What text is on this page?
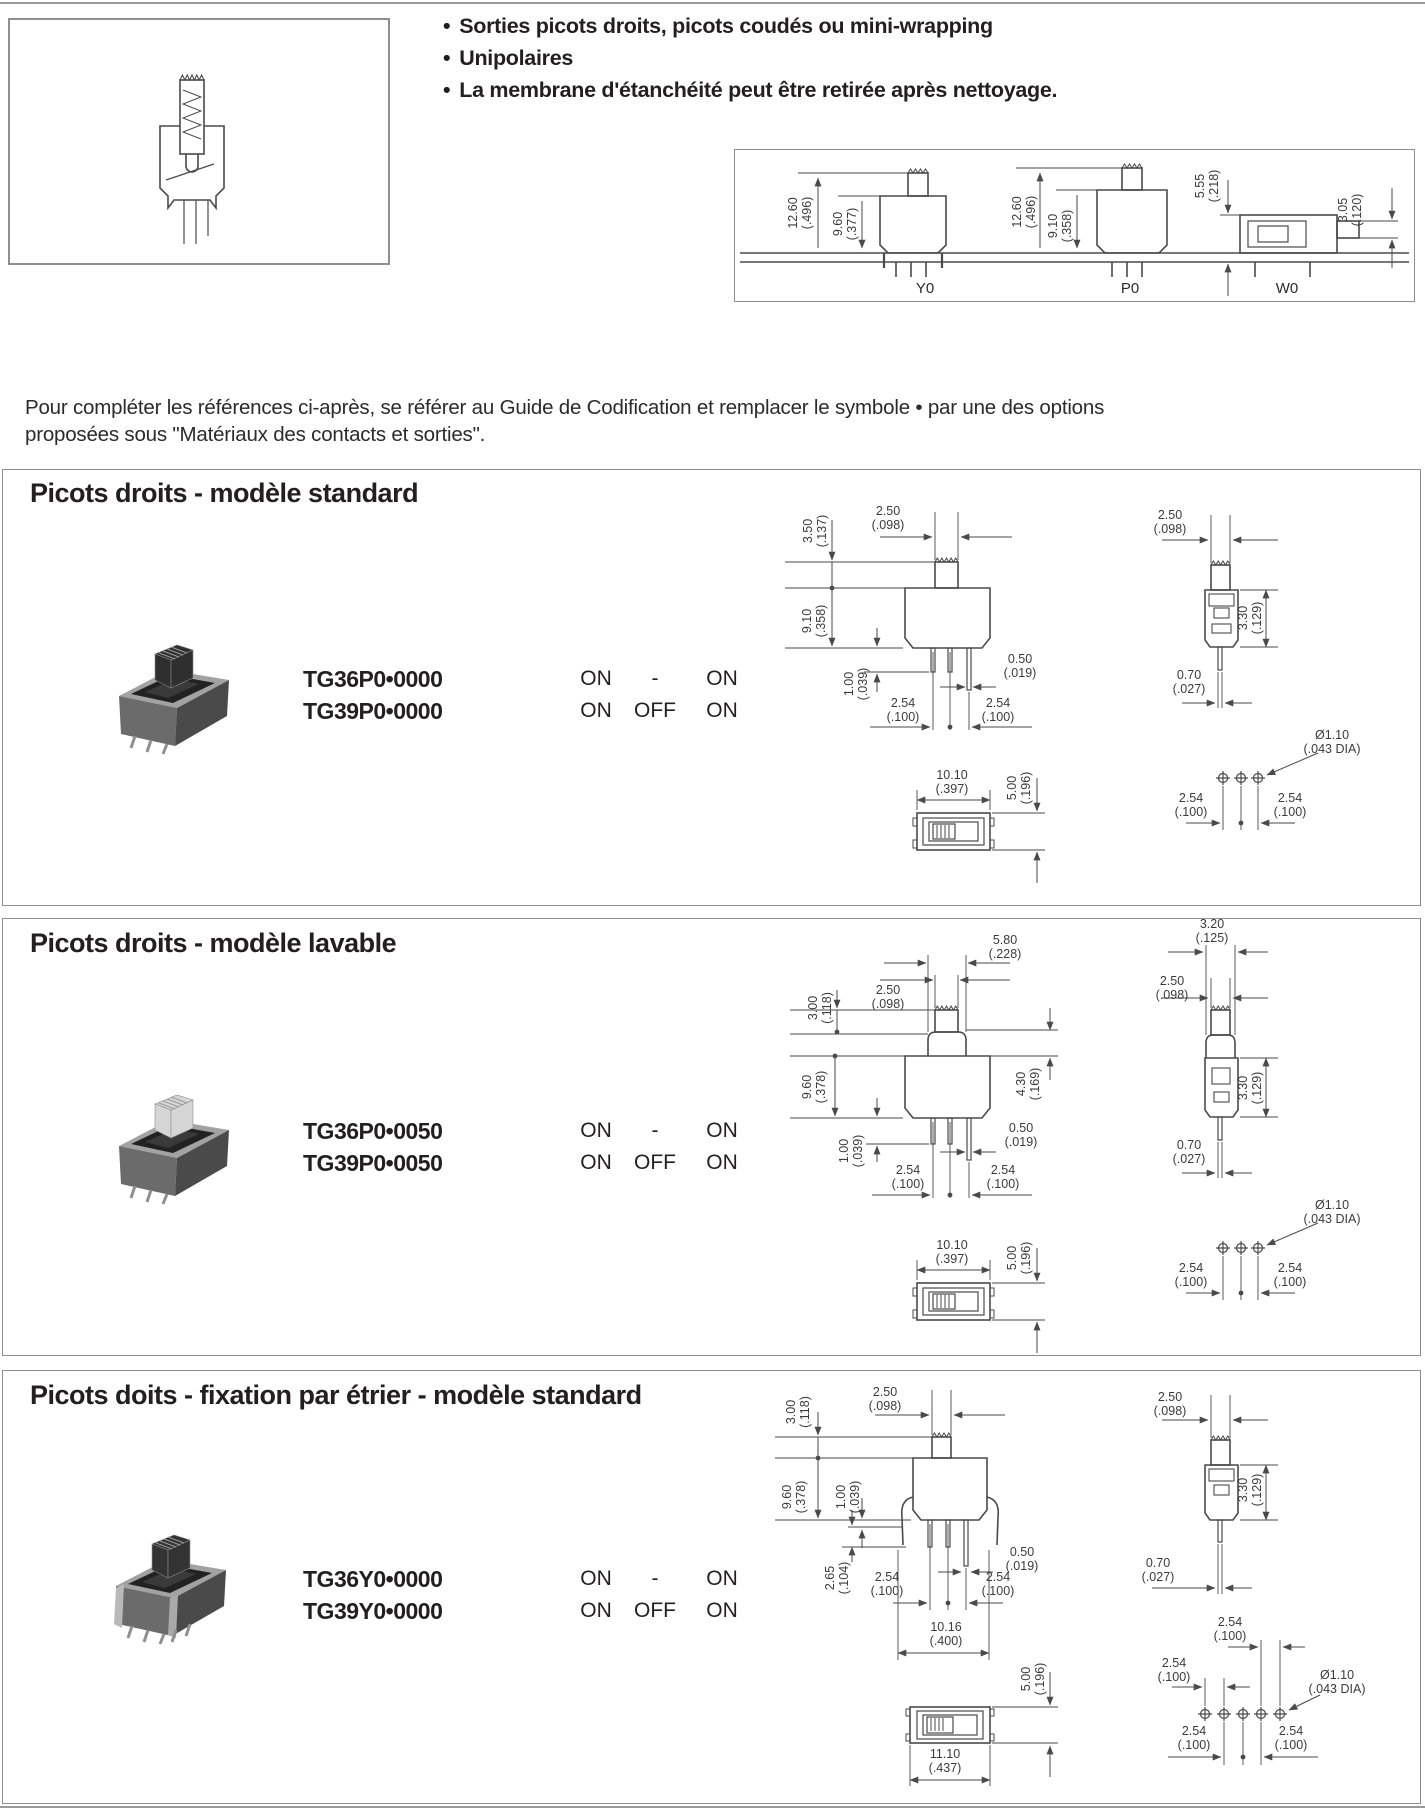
• Sorties picots droits, picots coudés ou mini-wrapping
• Unipolaires
• La membrane d'étanchéité peut être retirée après nettoyage.
12.60 (.496) 9.60 (.377)	12.60 (.496) 9.10 (.358)
5.55 (.218)
3.05 (.120)
Y0	P0	W0
Pour compléter les références ci-après, se référer au Guide de Codification et remplacer le symbole • par une des options
proposées sous "Matériaux des contacts et sorties".
Picots droits - modèle standard
Picots droits - modèle lavable
Picots doits - fixation par étrier - modèle standard
TG36P0•0000	ON - ON
TG39P0•0000	ON OFF ON
TG36P0•0050	ON - ON
TG39P0•0050	ON OFF ON
TG36Y0•0000	ON - ON
TG39Y0•0000	ON OFF ON
3.50 (.137)
2.50
(.098)
9.10 (.358)
1.00 (.039)
0.50
(.019)
2.54
(.100)
2.54
(.100)
10.10
(.397)	5.00 (.196)
2.50
(.098)
3.30 (.129)
0.70
(.027)
Ø1.10
(.043 DIA)
2.54
(.100)
2.54
(.100)
5.80
(.228)
2.50
(.098)
3.00 (.118)
9.60 (.378)
1.00 (.039)
4.30 (.169)
0.50
(.019)
2.54
(.100)
2.54
(.100)
10.10
(.397)	5.00 (.196)
3.20
(.125)
2.50
(.098)
3.30 (.129)
0.70
(.027)
Ø1.10
(.043 DIA)
2.54
(.100)
2.54
(.100)
2.50
(.098)
3.00 (.118)
9.60 (.378) 1.00 (.039)
2.65 (.104)	2.54
(.100)
0.50
(.019)
2.54
(.100)
10.16
(.400)
5.00 (.196)
11.10
(.437)
2.50
(.098)
3.30 (.129)
0.70
(.027)
2.54
(.100)
2.54
(.100)	Ø1.10
(.043 DIA)
2.54
(.100)
2.54
(.100)
